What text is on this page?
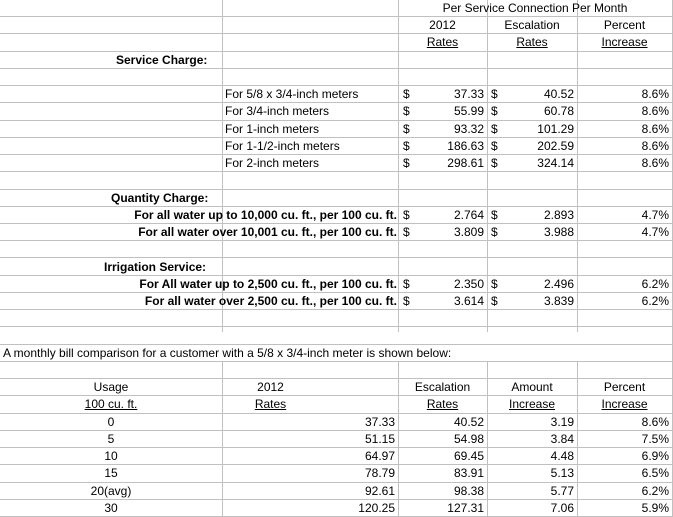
Per Service Connection Per Month
2012	Escalation	Percent
Rates	Rates	Increase
Service Charge:
For 5/8 x 3/4-inch meters	$	37.33 $	40.52	8.6%
For 3/4-inch meters	$	55.99 $	60.78	8.6%
For 1-inch meters	$	93.32 $	101.29	8.6%
For 1-1/2-inch meters	$	186.63 $	202.59	8.6%
For 2-inch meters	$	298.61 $	324.14	8.6%
Quantity Charge:
For all water up to 10,000 cu. ft., per 100 cu. ft. $	2.764 $	2.893	4.7%
For all water over 10,001 cu. ft., per 100 cu. ft. $	3.809 $	3.988	4.7%
Irrigation Service:
For All water up to 2,500 cu. ft., per 100 cu. ft. $	2.350 $	2.496	6.2%
For all water over 2,500 cu. ft., per 100 cu. ft. $	3.614 $	3.839	6.2%
A monthly bill comparison for a customer with a 5/8 x 3/4-inch meter is shown below:
Usage	2012	Escalation	Amount	Percent
100 cu. ft.	Rates	Rates	Increase	Increase
0	37.33	40.52	3.19	8.6%
5	51.15	54.98	3.84	7.5%
10	64.97	69.45	4.48	6.9%
15	78.79	83.91	5.13	6.5%
20(avg)	92.61	98.38	5.77	6.2%
30	120.25	127.31	7.06	5.9%
